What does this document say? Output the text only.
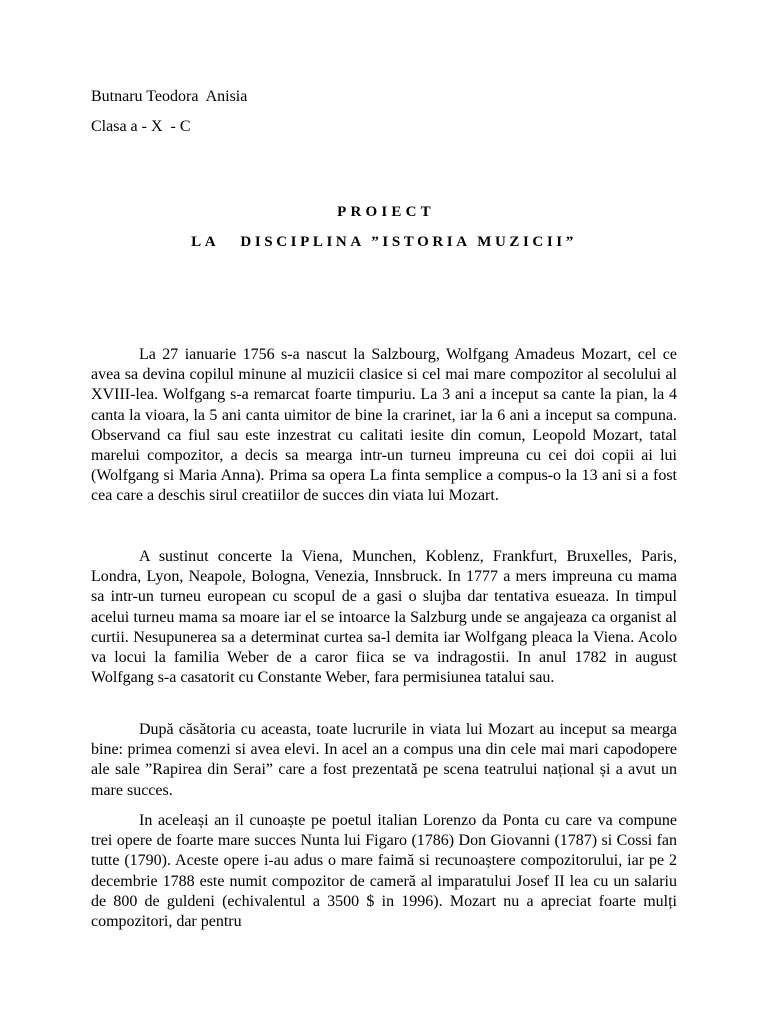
Butnaru Teodora  Anisia
Clasa a - X  - C
PROIECT
LA   DISCIPLINA ”ISTORIA MUZICII”

La 27 ianuarie 1756 s-a nascut la Salzbourg, Wolfgang Amadeus Mozart, cel ce avea sa devina copilul minune al muzicii clasice si cel mai mare compozitor al secolului al XVIII-lea. Wolfgang s-a remarcat foarte timpuriu. La 3 ani a inceput sa cante la pian, la 4 canta la vioara, la 5 ani canta uimitor de bine la crarinet, iar la 6 ani a inceput sa compuna. Observand ca fiul sau este inzestrat cu calitati iesite din comun, Leopold Mozart, tatal marelui compozitor, a decis sa mearga intr-un turneu impreuna cu cei doi copii ai lui (Wolfgang si Maria Anna). Prima sa opera La finta semplice a compus-o la 13 ani si a fost cea care a deschis sirul creatiilor de succes din viata lui Mozart.

A sustinut concerte la Viena, Munchen, Koblenz, Frankfurt, Bruxelles, Paris, Londra, Lyon, Neapole, Bologna, Venezia, Innsbruck. In 1777 a mers impreuna cu mama sa intr-un turneu european cu scopul de a gasi o slujba dar tentativa esueaza. In timpul acelui turneu mama sa moare iar el se intoarce la Salzburg unde se angajeaza ca organist al curtii. Nesupunerea sa a determinat curtea sa-l demita iar Wolfgang pleaca la Viena. Acolo va locui la familia Weber de a caror fiica se va indragostii. In anul 1782 in august Wolfgang s-a casatorit cu Constante Weber, fara permisiunea tatalui sau.

După căsătoria cu aceasta, toate lucrurile in viata lui Mozart au inceput sa mearga bine: primea comenzi si avea elevi. In acel an a compus una din cele mai mari capodopere ale sale ”Rapirea din Serai” care a fost prezentată pe scena teatrului național și a avut un mare succes.

In aceleași an il cunoaște pe poetul italian Lorenzo da Ponta cu care va compune trei opere de foarte mare succes Nunta lui Figaro (1786) Don Giovanni (1787) si Cossi fan tutte (1790). Aceste opere i-au adus o mare faimă si recunoaștere compozitorului, iar pe 2 decembrie 1788 este numit compozitor de cameră al imparatului Josef II lea cu un salariu de 800 de guldeni (echivalentul a 3500 $ in 1996). Mozart nu a apreciat foarte mulți compozitori, dar pentru
